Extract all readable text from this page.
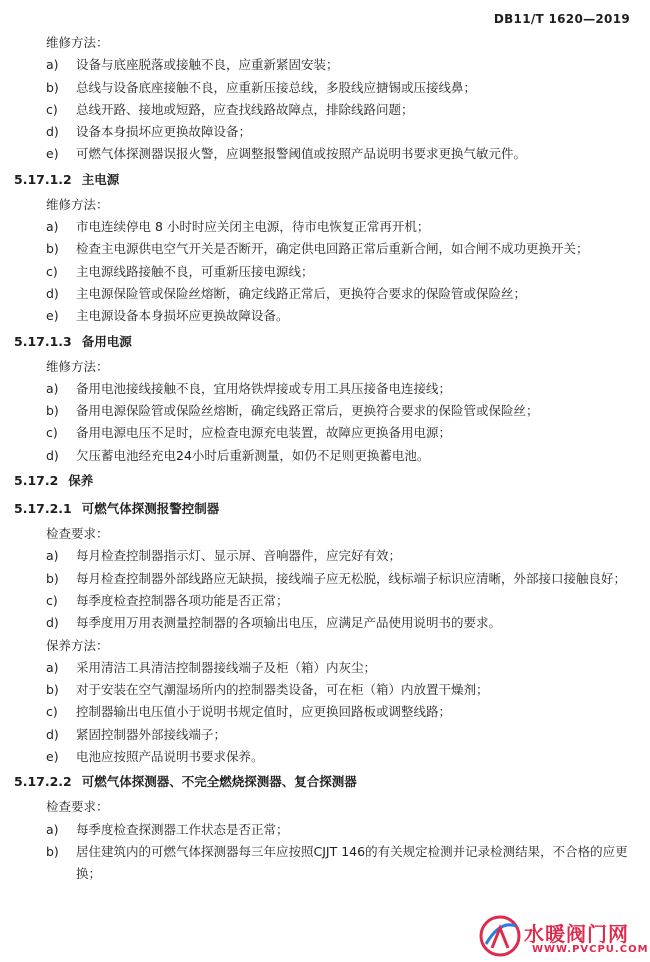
DB11/T 1620—2019
维修方法：
a)	设备与底座脱落或接触不良，应重新紧固安装；
b)	总线与设备底座接触不良，应重新压接总线，多股线应搪锡或压接线鼻；
c)	总线开路、接地或短路，应查找线路故障点，排除线路问题；
d)	设备本身损坏应更换故障设备；
e)	可燃气体探测器误报火警，应调整报警阈值或按照产品说明书要求更换气敏元件。
5.17.1.2 主电源
维修方法：
a)	市电连续停电 8 小时时应关闭主电源，待市电恢复正常再开机；
b)	检查主电源供电空气开关是否断开，确定供电回路正常后重新合闸，如合闸不成功更换开关；
c)	主电源线路接触不良，可重新压接电源线；
d)	主电源保险管或保险丝熔断，确定线路正常后，更换符合要求的保险管或保险丝；
e)	主电源设备本身损坏应更换故障设备。
5.17.1.3 备用电源
维修方法：
a)	备用电池接线接触不良，宜用烙铁焊接或专用工具压接备电连接线；
b)	备用电源保险管或保险丝熔断，确定线路正常后，更换符合要求的保险管或保险丝；
c)	备用电源电压不足时，应检查电源充电装置，故障应更换备用电源；
d)	欠压蓄电池经充电24小时后重新测量，如仍不足则更换蓄电池。
5.17.2 保养
5.17.2.1 可燃气体探测报警控制器
检查要求：
a)	每月检查控制器指示灯、显示屏、音响器件，应完好有效；
b)	每月检查控制器外部线路应无缺损，接线端子应无松脱，线标端子标识应清晰，外部接口接触良好；
c)	每季度检查控制器各项功能是否正常；
d)	每季度用万用表测量控制器的各项输出电压，应满足产品使用说明书的要求。
保养方法：
a)	采用清洁工具清洁控制器接线端子及柜（箱）内灰尘；
b)	对于安装在空气潮湿场所内的控制器类设备，可在柜（箱）内放置干燥剂；
c)	控制器输出电压值小于说明书规定值时，应更换回路板或调整线路；
d)	紧固控制器外部接线端子；
e)	电池应按照产品说明书要求保养。
5.17.2.2 可燃气体探测器、不完全燃烧探测器、复合探测器
检查要求：
a)	每季度检查探测器工作状态是否正常；
b)	居住建筑内的可燃气体探测器每三年应按照CJJT 146的有关规定检测并记录检测结果，不合格的应更换；
水暖阀门网
WWW.PVCPU.COM
